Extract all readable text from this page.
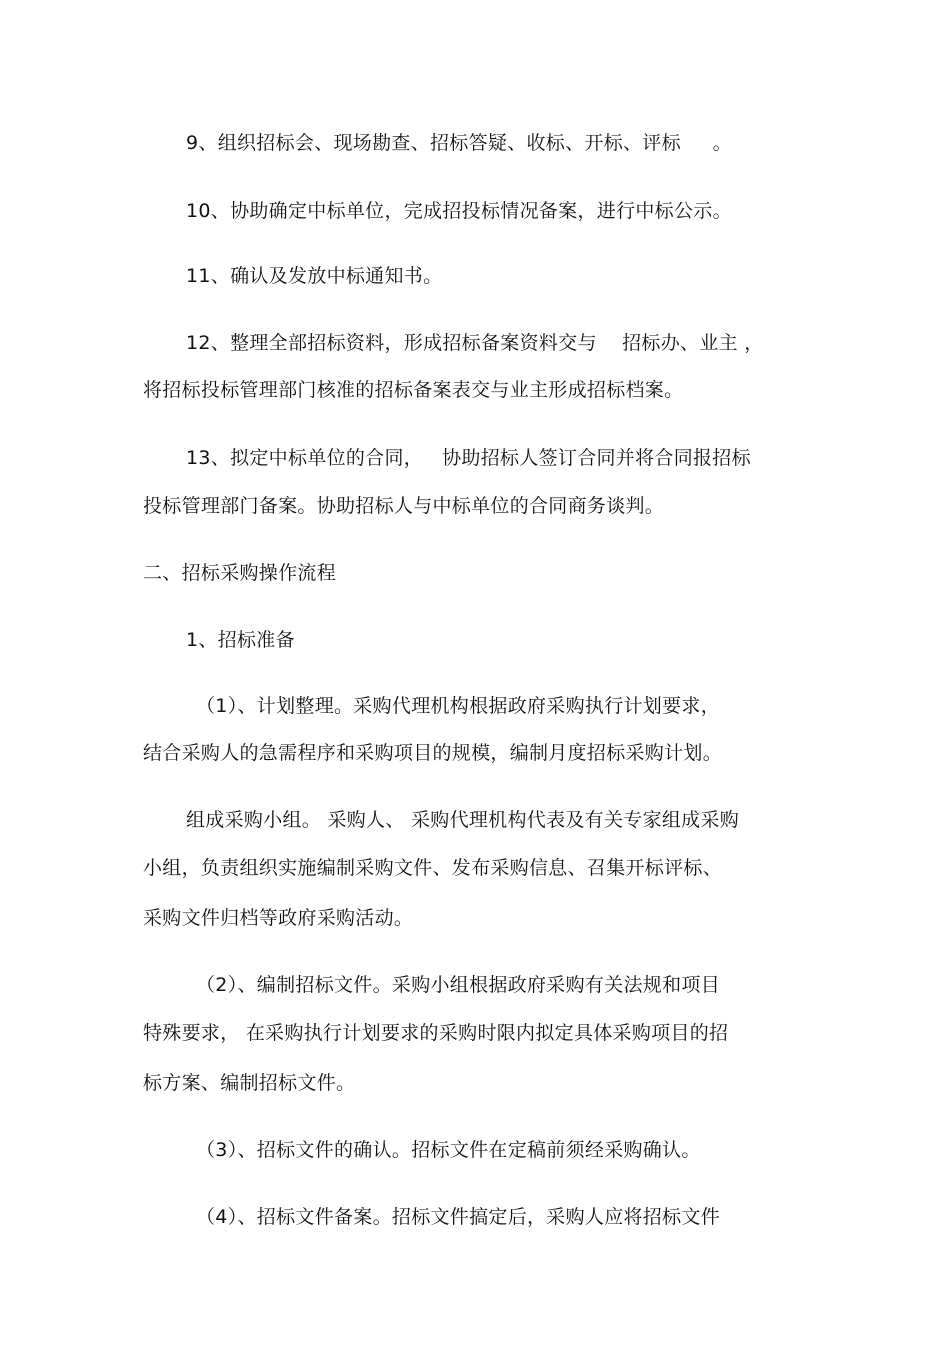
9、组织招标会、现场勘查、招标答疑、收标、开标、评标     。
10、协助确定中标单位，完成招投标情况备案，进行中标公示。
11、确认及发放中标通知书。
12、整理全部招标资料，形成招标备案资料交与    招标办、业主 ，
将招标投标管理部门核准的招标备案表交与业主形成招标档案。
13、拟定中标单位的合同，   协助招标人签订合同并将合同报招标
投标管理部门备案。协助招标人与中标单位的合同商务谈判。
二、招标采购操作流程
1、招标准备
（1）、计划整理。采购代理机构根据政府采购执行计划要求，
结合采购人的急需程序和采购项目的规模，编制月度招标采购计划。
组成采购小组。 采购人、 采购代理机构代表及有关专家组成采购
小组，负责组织实施编制采购文件、发布采购信息、召集开标评标、
采购文件归档等政府采购活动。
（2）、编制招标文件。采购小组根据政府采购有关法规和项目
特殊要求， 在采购执行计划要求的采购时限内拟定具体采购项目的招
标方案、编制招标文件。
（3）、招标文件的确认。招标文件在定稿前须经采购确认。
（4）、招标文件备案。招标文件搞定后，采购人应将招标文件
